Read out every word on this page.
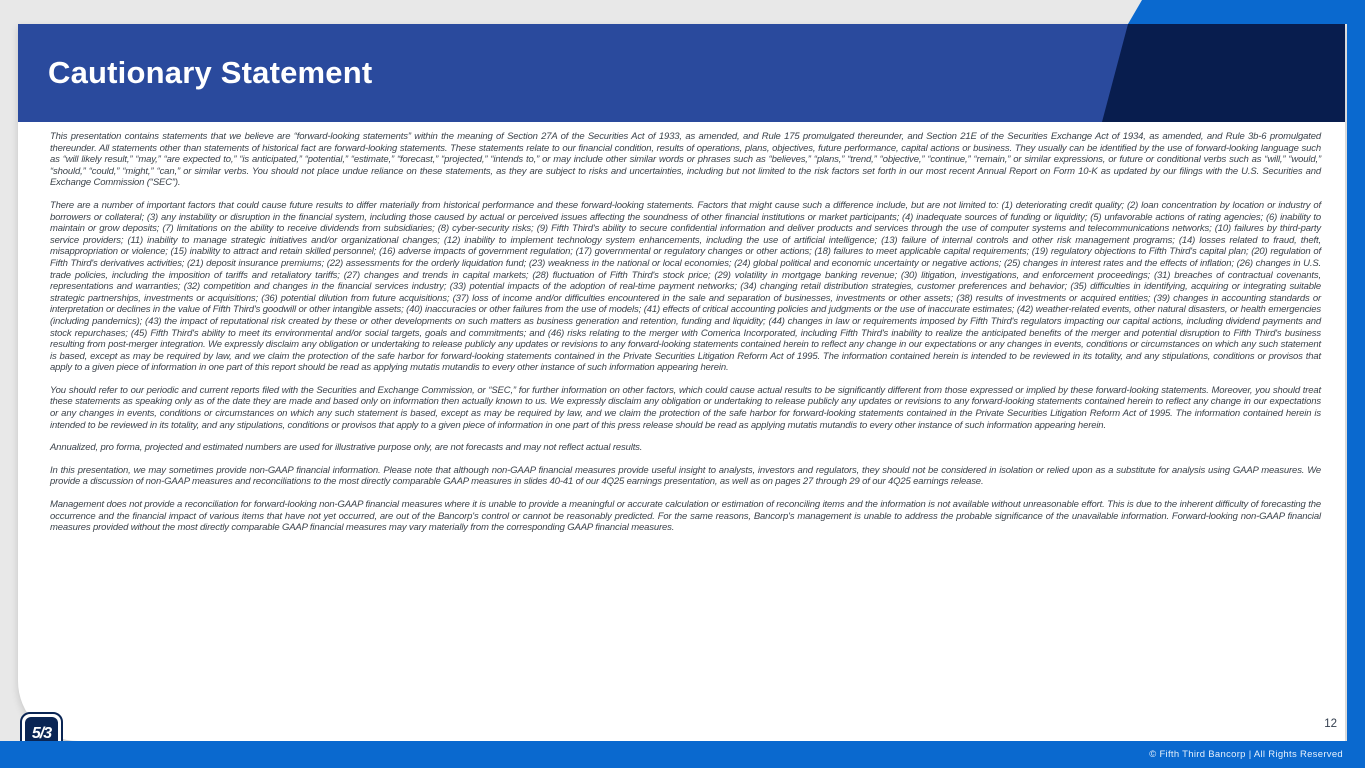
Cautionary Statement

This presentation contains statements that we believe are “forward-looking statements” within the meaning of Section 27A of the Securities Act of 1933, as amended, and Rule 175 promulgated thereunder, and Section 21E of the Securities Exchange Act of 1934, as amended, and Rule 3b-6 promulgated thereunder. All statements other than statements of historical fact are forward-looking statements. These statements relate to our financial condition, results of operations, plans, objectives, future performance, capital actions or business. They usually can be identified by the use of forward-looking language such as “will likely result,” “may,” “are expected to,” “is anticipated,” “potential,” “estimate,” “forecast,” “projected,” “intends to,” or may include other similar words or phrases such as “believes,” “plans,” “trend,” “objective,” “continue,” “remain,” or similar expressions, or future or conditional verbs such as “will,” “would,” “should,” “could,” “might,” “can,” or similar verbs. You should not place undue reliance on these statements, as they are subject to risks and uncertainties, including but not limited to the risk factors set forth in our most recent Annual Report on Form 10-K as updated by our filings with the U.S. Securities and Exchange Commission (“SEC”).

There are a number of important factors that could cause future results to differ materially from historical performance and these forward-looking statements. Factors that might cause such a difference include, but are not limited to: (1) deteriorating credit quality; (2) loan concentration by location or industry of borrowers or collateral; (3) any instability or disruption in the financial system, including those caused by actual or perceived issues affecting the soundness of other financial institutions or market participants; (4) inadequate sources of funding or liquidity; (5) unfavorable actions of rating agencies; (6) inability to maintain or grow deposits; (7) limitations on the ability to receive dividends from subsidiaries; (8) cyber-security risks; (9) Fifth Third's ability to secure confidential information and deliver products and services through the use of computer systems and telecommunications networks; (10) failures by third-party service providers; (11) inability to manage strategic initiatives and/or organizational changes; (12) inability to implement technology system enhancements, including the use of artificial intelligence; (13) failure of internal controls and other risk management programs; (14) losses related to fraud, theft, misappropriation or violence; (15) inability to attract and retain skilled personnel; (16) adverse impacts of government regulation; (17) governmental or regulatory changes or other actions; (18) failures to meet applicable capital requirements; (19) regulatory objections to Fifth Third's capital plan; (20) regulation of Fifth Third's derivatives activities; (21) deposit insurance premiums; (22) assessments for the orderly liquidation fund; (23) weakness in the national or local economies; (24) global political and economic uncertainty or negative actions; (25) changes in interest rates and the effects of inflation; (26) changes in U.S. trade policies, including the imposition of tariffs and retaliatory tariffs; (27) changes and trends in capital markets; (28) fluctuation of Fifth Third's stock price; (29) volatility in mortgage banking revenue; (30) litigation, investigations, and enforcement proceedings; (31) breaches of contractual covenants, representations and warranties; (32) competition and changes in the financial services industry; (33) potential impacts of the adoption of real-time payment networks; (34) changing retail distribution strategies, customer preferences and behavior; (35) difficulties in identifying, acquiring or integrating suitable strategic partnerships, investments or acquisitions; (36) potential dilution from future acquisitions; (37) loss of income and/or difficulties encountered in the sale and separation of businesses, investments or other assets; (38) results of investments or acquired entities; (39) changes in accounting standards or interpretation or declines in the value of Fifth Third's goodwill or other intangible assets; (40) inaccuracies or other failures from the use of models; (41) effects of critical accounting policies and judgments or the use of inaccurate estimates; (42) weather-related events, other natural disasters, or health emergencies (including pandemics); (43) the impact of reputational risk created by these or other developments on such matters as business generation and retention, funding and liquidity; (44) changes in law or requirements imposed by Fifth Third's regulators impacting our capital actions, including dividend payments and stock repurchases; (45) Fifth Third's ability to meet its environmental and/or social targets, goals and commitments; and (46) risks relating to the merger with Comerica Incorporated, including Fifth Third's inability to realize the anticipated benefits of the merger and potential disruption to Fifth Third's business resulting from post-merger integration. We expressly disclaim any obligation or undertaking to release publicly any updates or revisions to any forward-looking statements contained herein to reflect any change in our expectations or any changes in events, conditions or circumstances on which any such statement is based, except as may be required by law, and we claim the protection of the safe harbor for forward-looking statements contained in the Private Securities Litigation Reform Act of 1995. The information contained herein is intended to be reviewed in its totality, and any stipulations, conditions or provisos that apply to a given piece of information in one part of this report should be read as applying mutatis mutandis to every other instance of such information appearing herein.

You should refer to our periodic and current reports filed with the Securities and Exchange Commission, or “SEC,” for further information on other factors, which could cause actual results to be significantly different from those expressed or implied by these forward-looking statements. Moreover, you should treat these statements as speaking only as of the date they are made and based only on information then actually known to us. We expressly disclaim any obligation or undertaking to release publicly any updates or revisions to any forward-looking statements contained herein to reflect any change in our expectations or any changes in events, conditions or circumstances on which any such statement is based, except as may be required by law, and we claim the protection of the safe harbor for forward-looking statements contained in the Private Securities Litigation Reform Act of 1995. The information contained herein is intended to be reviewed in its totality, and any stipulations, conditions or provisos that apply to a given piece of information in one part of this press release should be read as applying mutatis mutandis to every other instance of such information appearing herein.

Annualized, pro forma, projected and estimated numbers are used for illustrative purpose only, are not forecasts and may not reflect actual results.

In this presentation, we may sometimes provide non-GAAP financial information. Please note that although non-GAAP financial measures provide useful insight to analysts, investors and regulators, they should not be considered in isolation or relied upon as a substitute for analysis using GAAP measures. We provide a discussion of non-GAAP measures and reconciliations to the most directly comparable GAAP measures in slides 40-41 of our 4Q25 earnings presentation, as well as on pages 27 through 29 of our 4Q25 earnings release.

Management does not provide a reconciliation for forward-looking non-GAAP financial measures where it is unable to provide a meaningful or accurate calculation or estimation of reconciling items and the information is not available without unreasonable effort. This is due to the inherent difficulty of forecasting the occurrence and the financial impact of various items that have not yet occurred, are out of the Bancorp's control or cannot be reasonably predicted. For the same reasons, Bancorp's management is unable to address the probable significance of the unavailable information. Forward-looking non-GAAP financial measures provided without the most directly comparable GAAP financial measures may vary materially from the corresponding GAAP financial measures.

5/3
12
© Fifth Third Bancorp | All Rights Reserved
